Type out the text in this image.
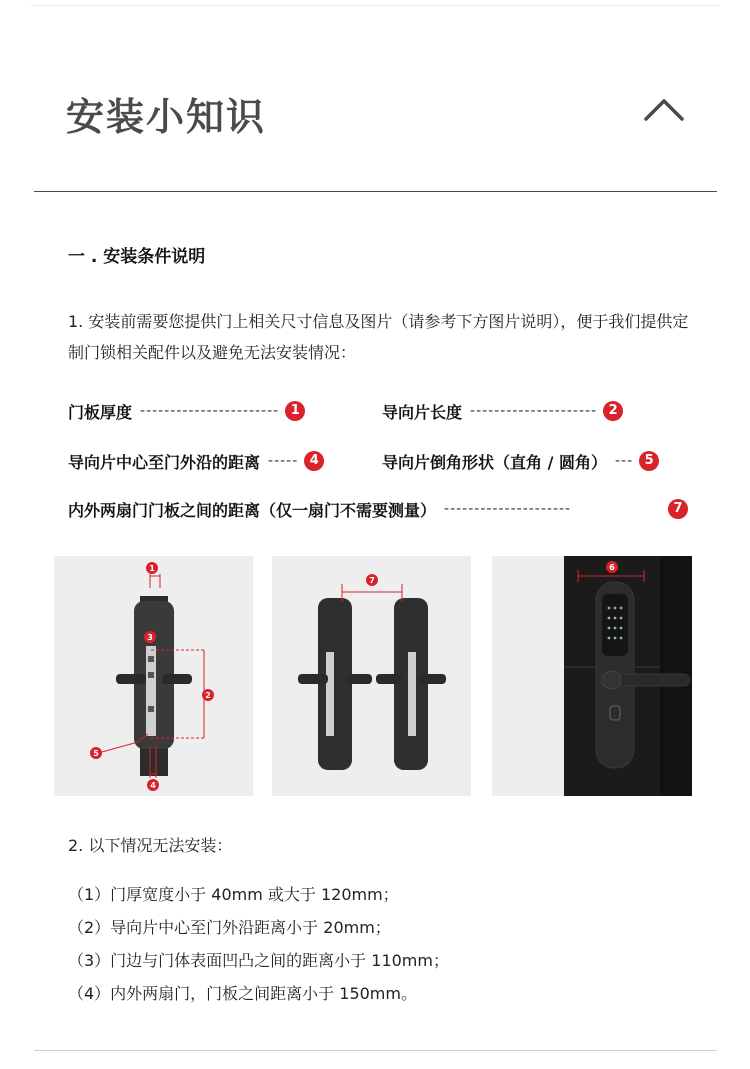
安装小知识
一 . 安装条件说明
1. 安装前需要您提供门上相关尺寸信息及图片（请参考下方图片说明），便于我们提供定制门锁相关配件以及避免无法安装情况：
门板厚度 ----------------------- 1	导向片长度 --------------------- 2
导向片中心至门外沿的距离 ----- 4	导向片倒角形状（直角 / 圆角） --- 5
内外两扇门门板之间的距离（仅一扇门不需要测量） ---------------------	7
1
3
2
5
4
7
6
2. 以下情况无法安装：
（1）门厚宽度小于 40mm 或大于 120mm；
（2）导向片中心至门外沿距离小于 20mm；
（3）门边与门体表面凹凸之间的距离小于 110mm；
（4）内外两扇门，门板之间距离小于 150mm。
